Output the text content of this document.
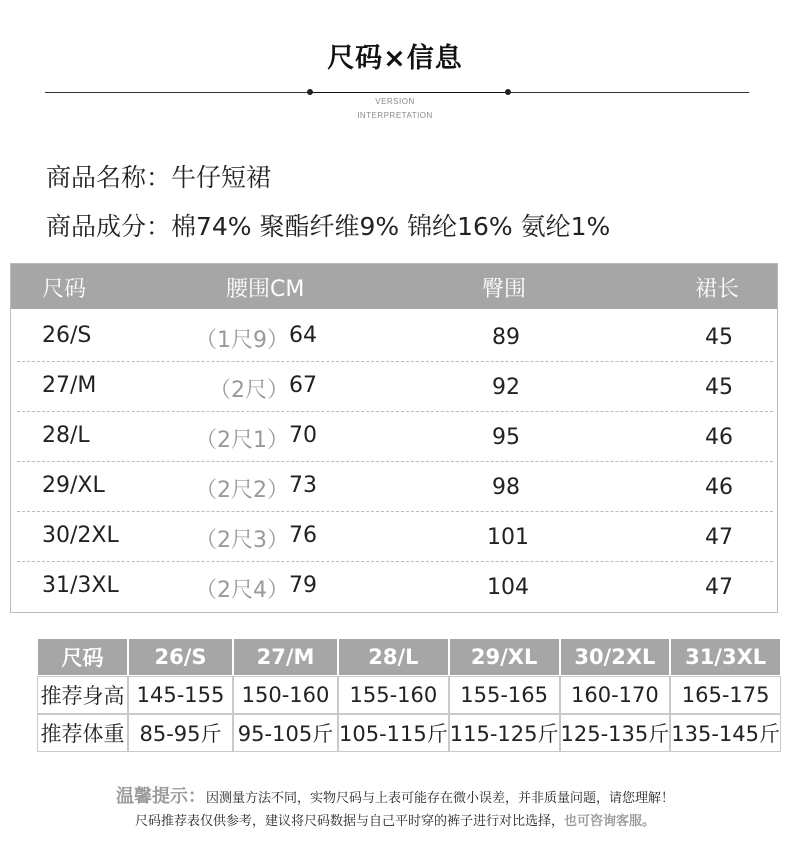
尺码×信息
VERSION
INTERPRETATION
商品名称：牛仔短裙
商品成分：棉74% 聚酯纤维9% 锦纶16% 氨纶1%
尺码	腰围CM	臀围	裙长
26/S	（1尺9） 64	89	45
27/M	（2尺） 67	92	45
28/L	（2尺1） 70	95	46
29/XL	（2尺2） 73	98	46
30/2XL	（2尺3） 76	101	47
31/3XL	（2尺4） 79	104	47
尺码	26/S	27/M	28/L	29/XL	30/2XL	31/3XL
推荐身高	145-155	150-160	155-160	155-165	160-170	165-175
推荐体重	85-95斤	95-105斤	105-115斤	115-125斤	125-135斤	135-145斤
温馨提示：因测量方法不同，实物尺码与上表可能存在微小误差，并非质量问题，请您理解！
尺码推荐表仅供参考，建议将尺码数据与自己平时穿的裤子进行对比选择，也可咨询客服。
